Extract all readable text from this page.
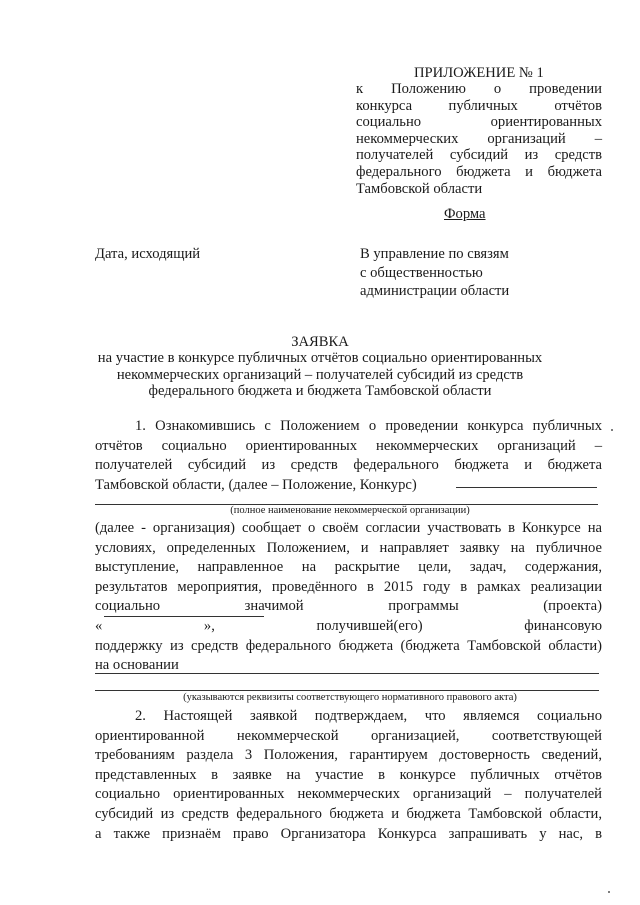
ПРИЛОЖЕНИЕ № 1
к Положению о проведении
конкурса публичных отчётов
социально ориентированных
некоммерческих организаций –
получателей субсидий из средств
федерального бюджета и бюджета
Тамбовской области
Форма
Дата, исходящий	В управление по связям
с общественностью
администрации области
ЗАЯВКА
на участие в конкурсе публичных отчётов социально ориентированных
некоммерческих организаций – получателей субсидий из средств
федерального бюджета и бюджета Тамбовской области
1. Ознакомившись с Положением о проведении конкурса публичных
отчётов социально ориентированных некоммерческих организаций –
получателей субсидий из средств федерального бюджета и бюджета
Тамбовской области, (далее – Положение, Конкурс)
(полное наименование некоммерческой организации)
(далее - организация) сообщает о своём согласии участвовать в Конкурсе на
условиях, определенных Положением, и направляет заявку на публичное
выступление, направленное на раскрытие цели, задач, содержания,
результатов мероприятия, проведённого в 2015 году в рамках реализации
социально значимой программы (проекта)
« », получившей(его) финансовую
поддержку из средств федерального бюджета (бюджета Тамбовской области)
на основании
(указываются реквизиты соответствующего нормативного правового акта)
2. Настоящей заявкой подтверждаем, что являемся социально
ориентированной некоммерческой организацией, соответствующей
требованиям раздела 3 Положения, гарантируем достоверность сведений,
представленных в заявке на участие в конкурсе публичных отчётов
социально ориентированных некоммерческих организаций – получателей
субсидий из средств федерального бюджета и бюджета Тамбовской области,
а также признаём право Организатора Конкурса запрашивать у нас, в
